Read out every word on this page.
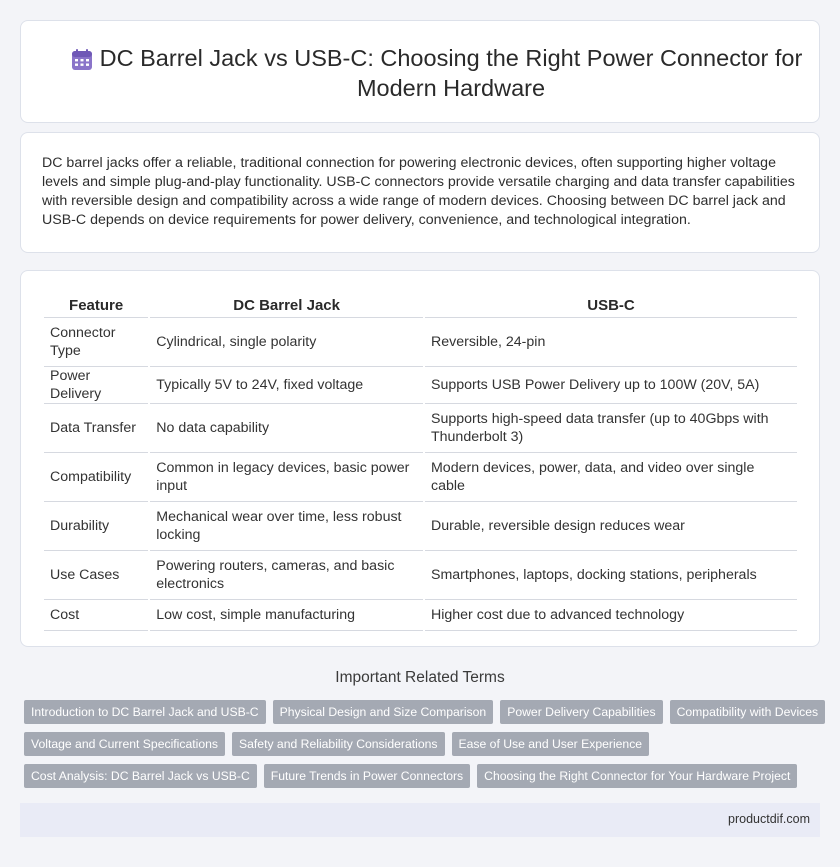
DC Barrel Jack vs USB-C: Choosing the Right Power Connector for Modern Hardware

DC barrel jacks offer a reliable, traditional connection for powering electronic devices, often supporting higher voltage levels and simple plug-and-play functionality. USB-C connectors provide versatile charging and data transfer capabilities with reversible design and compatibility across a wide range of modern devices. Choosing between DC barrel jack and USB-C depends on device requirements for power delivery, convenience, and technological integration.

Feature	DC Barrel Jack	USB-C
Connector Type	Cylindrical, single polarity	Reversible, 24-pin
Power Delivery	Typically 5V to 24V, fixed voltage	Supports USB Power Delivery up to 100W (20V, 5A)
Data Transfer	No data capability	Supports high-speed data transfer (up to 40Gbps with Thunderbolt 3)
Compatibility	Common in legacy devices, basic power input	Modern devices, power, data, and video over single cable
Durability	Mechanical wear over time, less robust locking	Durable, reversible design reduces wear
Use Cases	Powering routers, cameras, and basic electronics	Smartphones, laptops, docking stations, peripherals
Cost	Low cost, simple manufacturing	Higher cost due to advanced technology
Important Related Terms
Introduction to DC Barrel Jack and USB-C	Physical Design and Size Comparison	Power Delivery Capabilities	Compatibility with Devices
Voltage and Current Specifications	Safety and Reliability Considerations	Ease of Use and User Experience
Cost Analysis: DC Barrel Jack vs USB-C	Future Trends in Power Connectors	Choosing the Right Connector for Your Hardware Project
productdif.com
